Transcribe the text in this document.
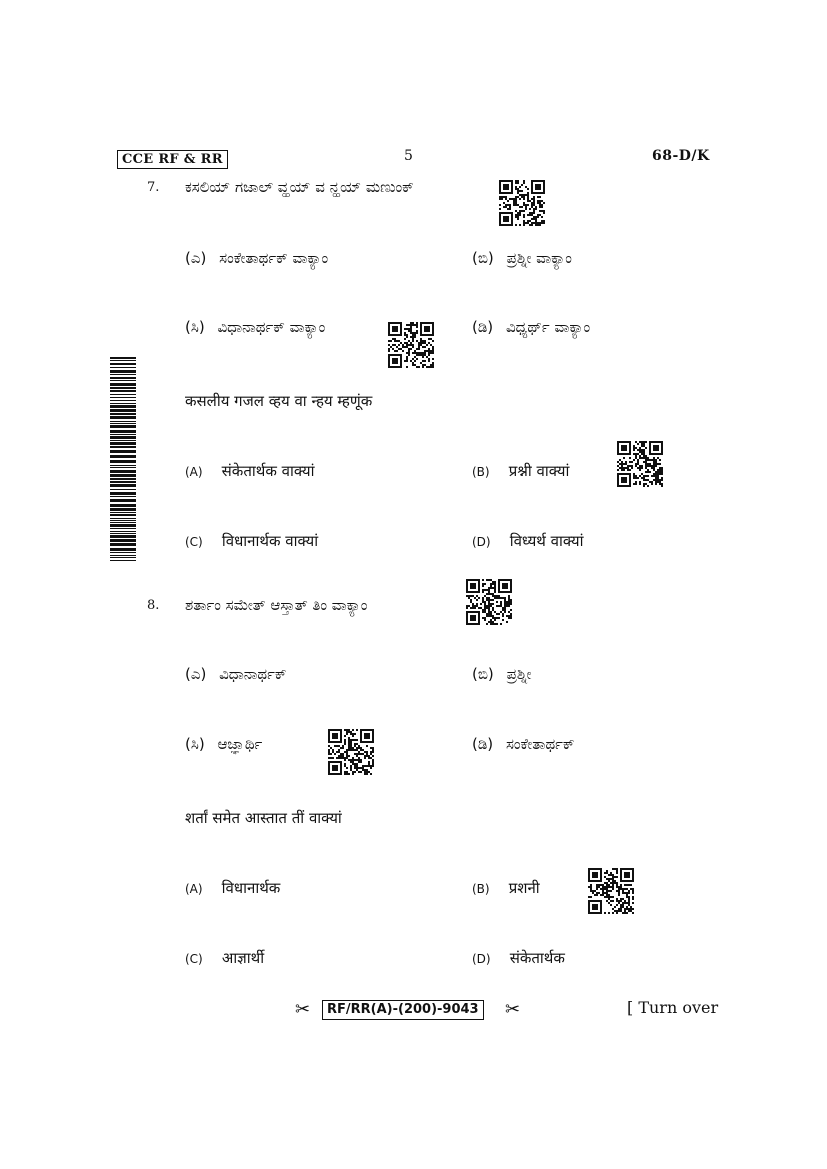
CCE RF & RR	5	68-D/K
7. ಕಸಲಿಯ್ ಗಜಾಲ್ ವ್ಹಯ್ ವ ನ್ಹಯ್ ಮಣುಂಕ್
(ಎ) ಸಂಕೇತಾರ್ಥಕ್ ವಾಕ್ಯಾಂ	(ಬಿ) ಪ್ರಶ್ನೀ ವಾಕ್ಯಾಂ
(ಸಿ) ವಿಧಾನಾರ್ಥಕ್ ವಾಕ್ಯಾಂ	(ಡಿ) ವಿಧ್ಯರ್ಥ್ ವಾಕ್ಯಾಂ
कसलीय गजल व्हय वा न्हय म्हणूंक
(A) संकेतार्थक वाक्यां	(B) प्रश्नी वाक्यां
(C) विधानार्थक वाक्यां	(D) विध्यर्थ वाक्यां
8. ಶರ್ತಾಂ ಸಮೇತ್ ಆಸ್ತಾತ್ ತಿಂ ವಾಕ್ಯಾಂ
(ಎ) ವಿಧಾನಾರ್ಥಕ್	(ಬಿ) ಪ್ರಶ್ನೀ
(ಸಿ) ಆಜ್ಞಾರ್ಥಿ	(ಡಿ) ಸಂಕೇತಾರ್ಥಕ್
शर्तां समेत आस्तात तीं वाक्यां
(A) विधानार्थक	(B) प्रशनी
(C) आज्ञार्थी	(D) संकेतार्थक
✂	RF/RR(A)-(200)-9043 ✂	[ Turn over
